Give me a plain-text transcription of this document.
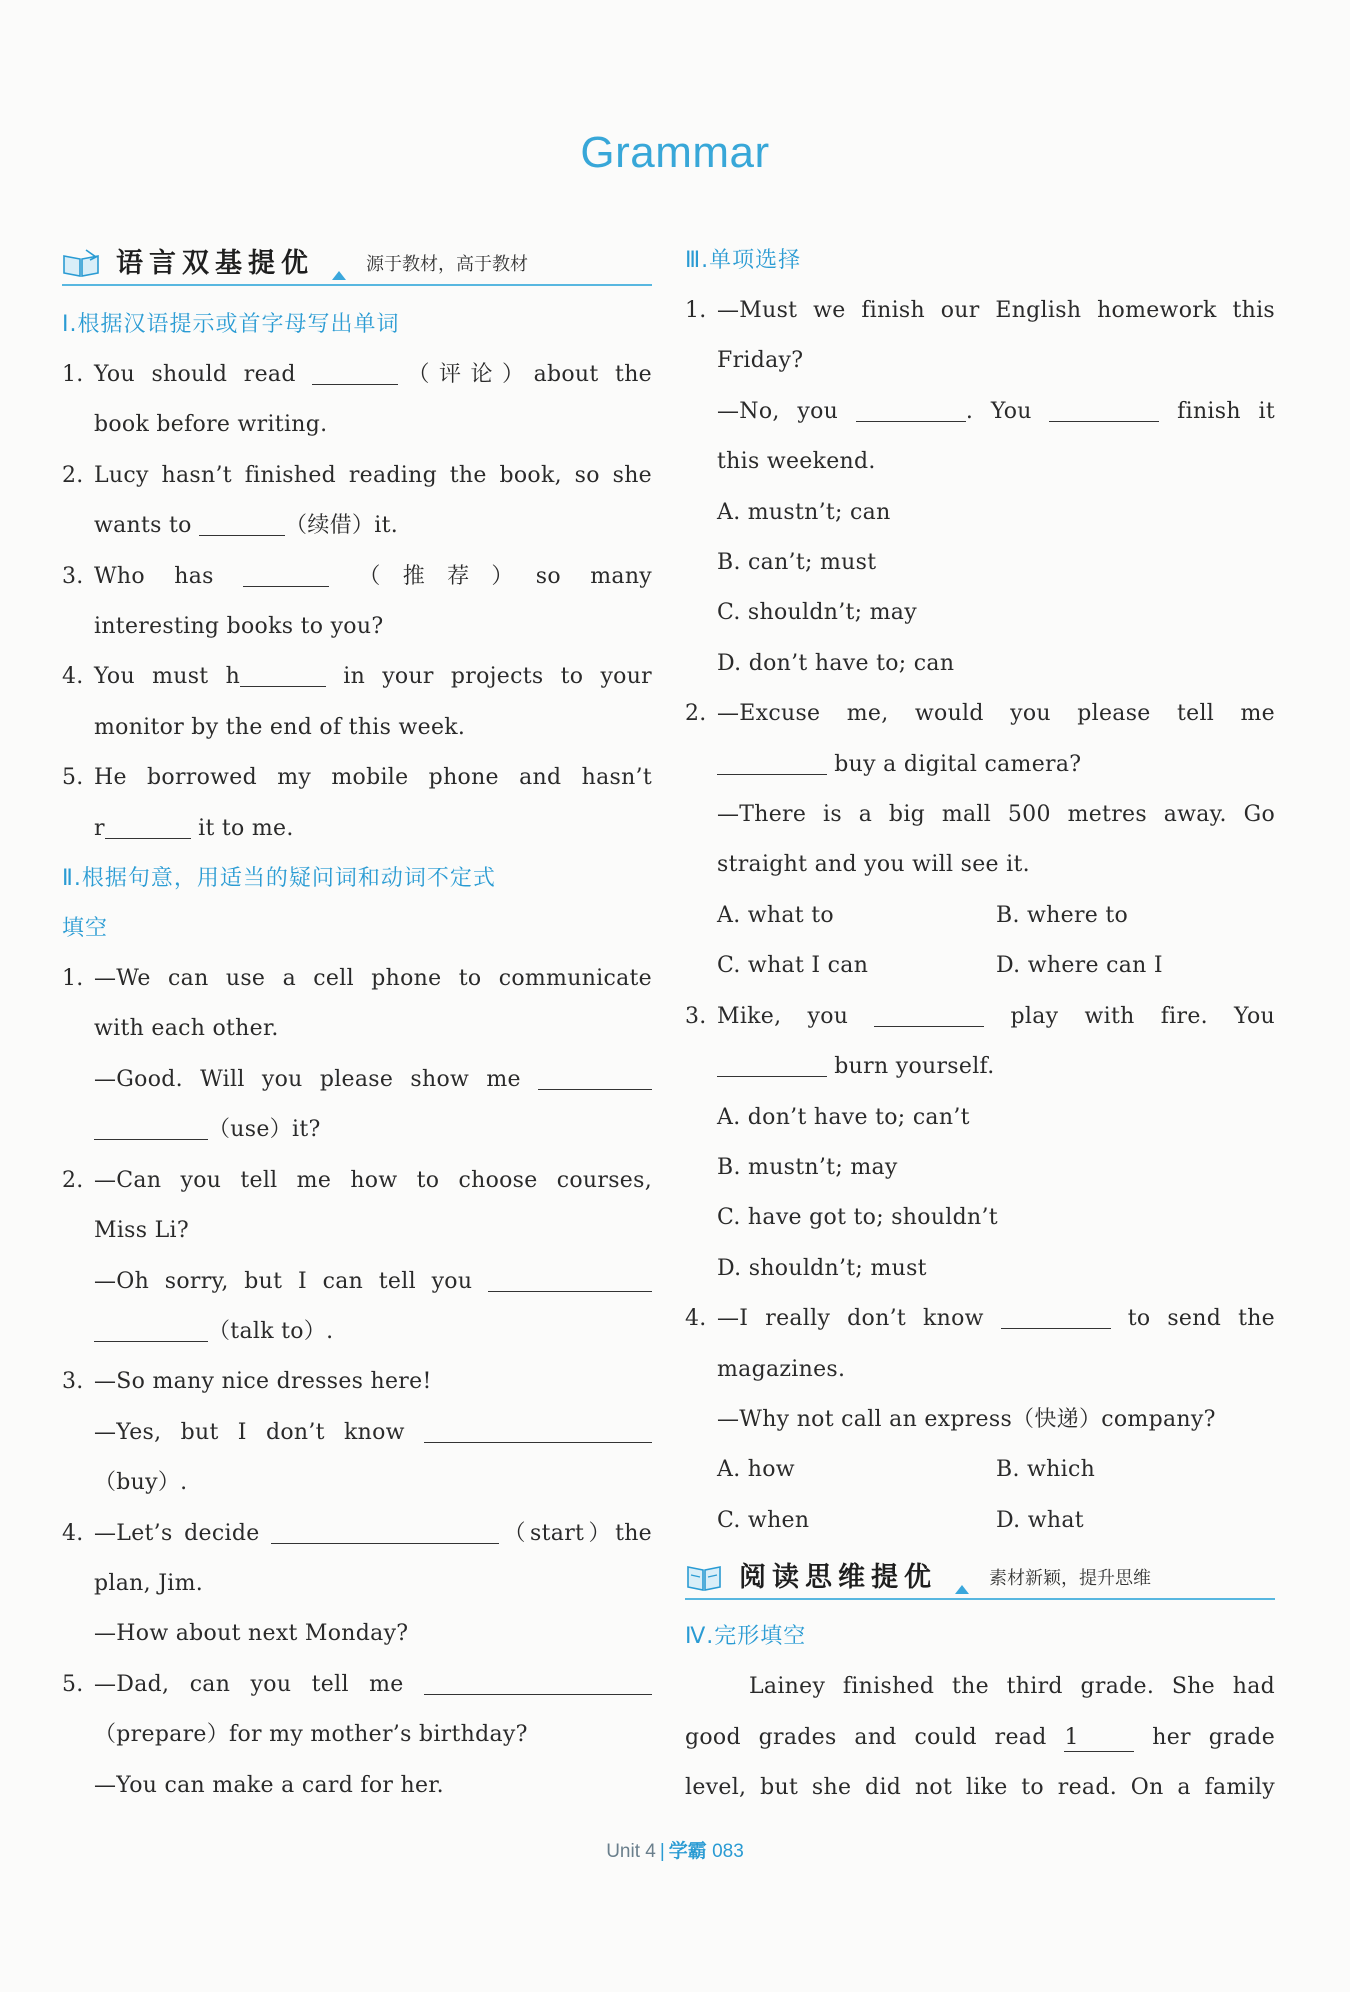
Grammar
语言双基提优	源于教材，高于教材
Ⅰ.根据汉语提示或首字母写出单词
1. You should read	（评论）about the
book before writing.
2. Lucy hasn’t finished reading the book, so she
wants to	（续借）it.
3. Who has	（推荐）so many
interesting books to you?
4. You must h	in your projects to your
monitor by the end of this week.
5. He borrowed my mobile phone and hasn’t
r	it to me.
Ⅱ.根据句意，用适当的疑问词和动词不定式
填空
1. —We can use a cell phone to communicate
with each other.
—Good. Will you please show me
（use）it?
2. —Can you tell me how to choose courses,
Miss Li?
—Oh sorry, but I can tell you
（talk to）.
3. —So many nice dresses here!
—Yes, but I don’t know
（buy）.
4. —Let’s decide	（start）the
plan, Jim.
—How about next Monday?
5. —Dad, can you tell me
（prepare）for my mother’s birthday?
—You can make a card for her.
Ⅲ.单项选择
1. —Must we finish our English homework this
Friday?
—No, you	. You	finish it
this weekend.
A. mustn’t; can
B. can’t; must
C. shouldn’t; may
D. don’t have to; can
2. —Excuse me, would you please tell me
buy a digital camera?
—There is a big mall 500 metres away. Go
straight and you will see it.
A. what to	B. where to
C. what I can	D. where can I
3. Mike, you	play with fire. You
burn yourself.
A. don’t have to; can’t
B. mustn’t; may
C. have got to; shouldn’t
D. shouldn’t; must
4. —I really don’t know	to send the
magazines.
—Why not call an express（快递）company?
A. how	B. which
C. when	D. what
阅读思维提优	素材新颖，提升思维
Ⅳ.完形填空
Lainey finished the third grade. She had
good grades and could read 1	her grade
level, but she did not like to read. On a family
Unit 4 | 学霸 083
